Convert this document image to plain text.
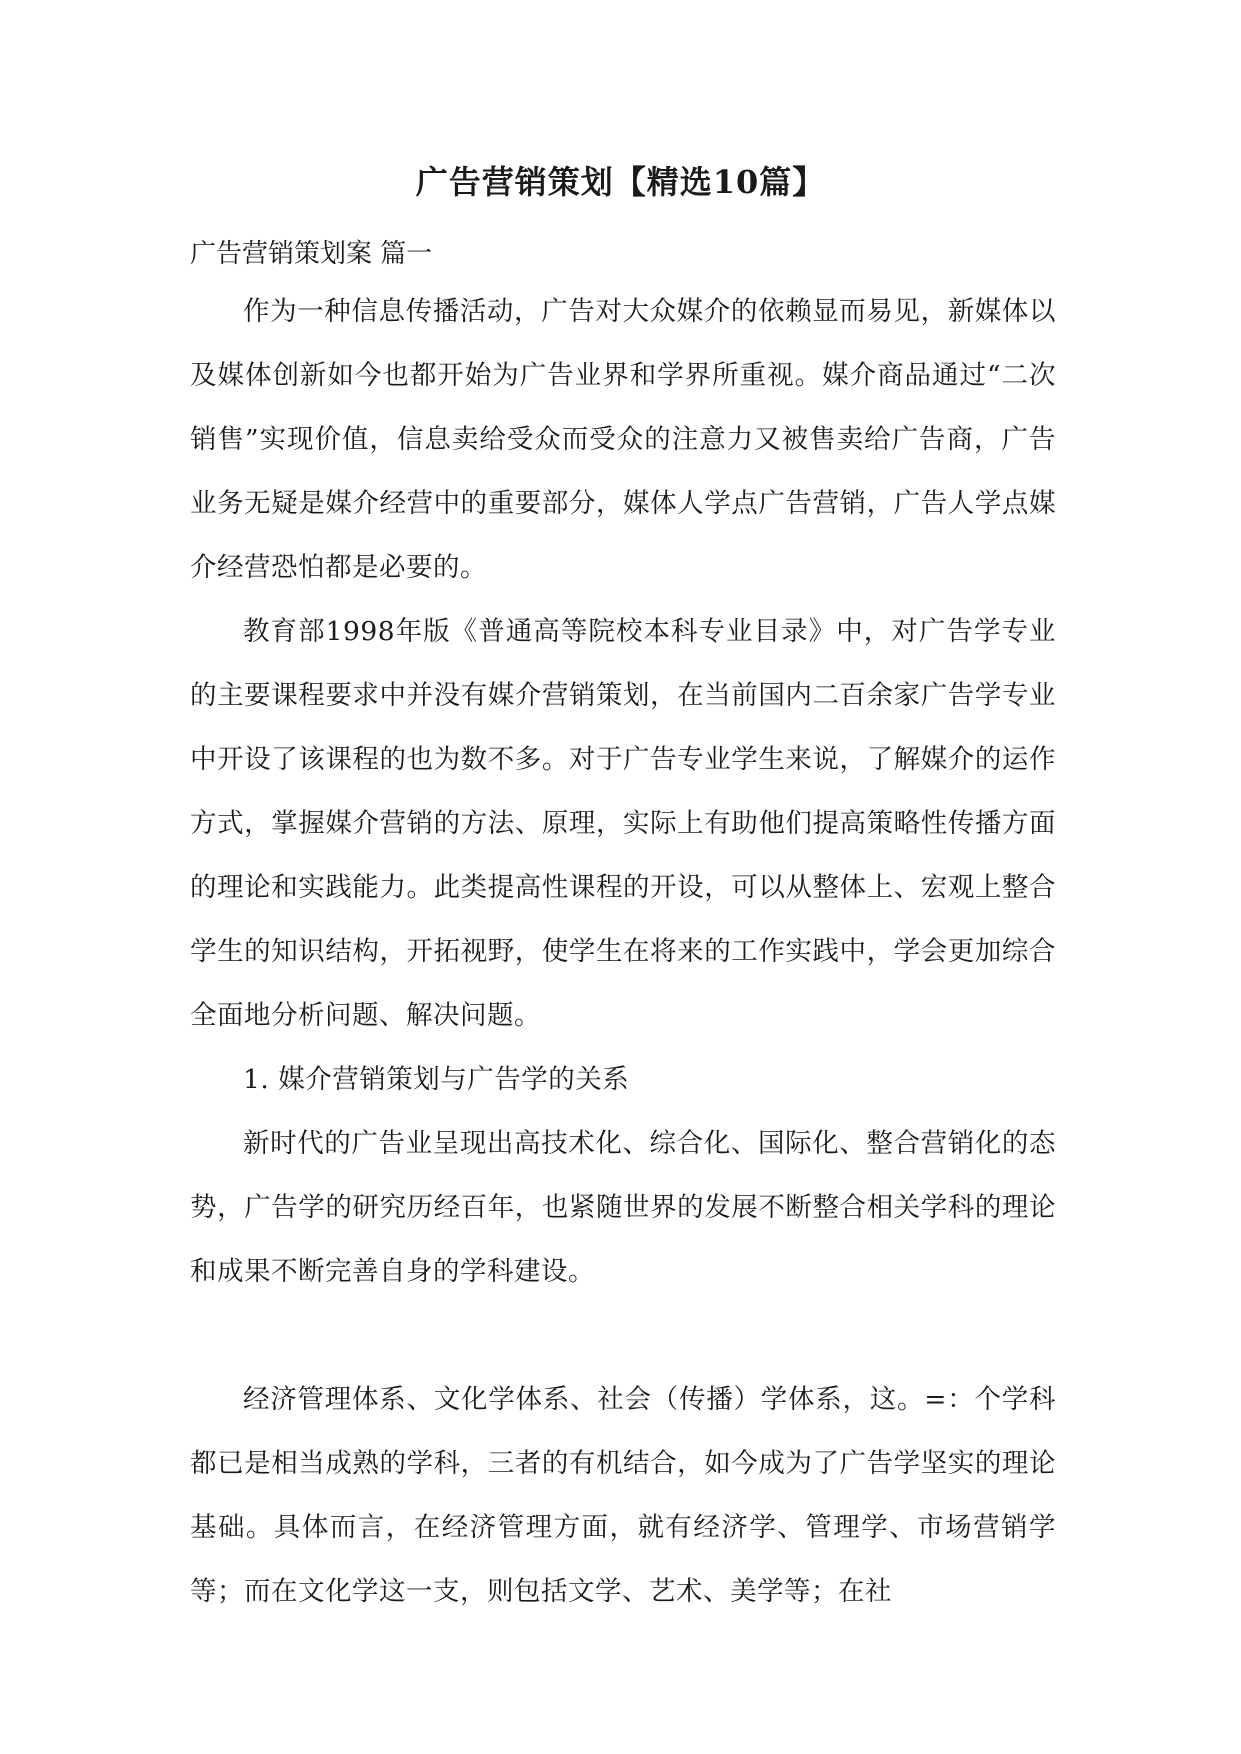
广告营销策划【精选10篇】
广告营销策划案 篇一

作为一种信息传播活动，广告对大众媒介的依赖显而易见，新媒体以及媒体创新如今也都开始为广告业界和学界所重视。媒介商品通过“二次销售”实现价值，信息卖给受众而受众的注意力又被售卖给广告商，广告业务无疑是媒介经营中的重要部分，媒体人学点广告营销，广告人学点媒介经营恐怕都是必要的。

教育部1998年版《普通高等院校本科专业目录》中，对广告学专业的主要课程要求中并没有媒介营销策划，在当前国内二百余家广告学专业中开设了该课程的也为数不多。对于广告专业学生来说，了解媒介的运作方式，掌握媒介营销的方法、原理，实际上有助他们提高策略性传播方面的理论和实践能力。此类提高性课程的开设，可以从整体上、宏观上整合学生的知识结构，开拓视野，使学生在将来的工作实践中，学会更加综合全面地分析问题、解决问题。

1. 媒介营销策划与广告学的关系

新时代的广告业呈现出高技术化、综合化、国际化、整合营销化的态势，广告学的研究历经百年，也紧随世界的发展不断整合相关学科的理论和成果不断完善自身的学科建设。

经济管理体系、文化学体系、社会（传播）学体系，这。=：个学科都已是相当成熟的学科，三者的有机结合，如今成为了广告学坚实的理论基础。具体而言，在经济管理方面，就有经济学、管理学、市场营销学等；而在文化学这一支，则包括文学、艺术、美学等；在社
